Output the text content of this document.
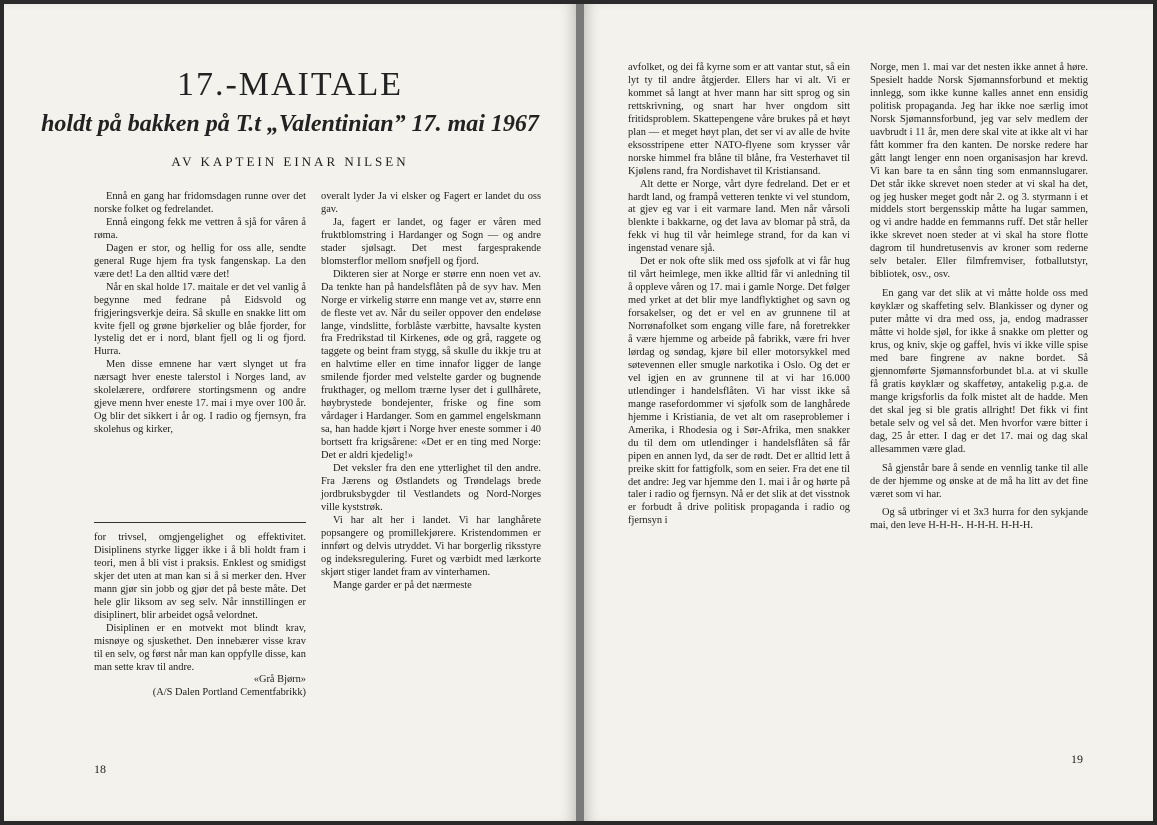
17.-MAITALE
holdt på bakken på T.t „Valentinian” 17. mai 1967
AV KAPTEIN EINAR NILSEN

Ennå en gang har fridomsdagen runne over det norske folket og fedrelandet.

Ennå eingong fekk me vettren å sjå for våren å røma.

Dagen er stor, og hellig for oss alle, sendte general Ruge hjem fra tysk fangenskap. La den være det! La den alltid være det!

Når en skal holde 17. maitale er det vel vanlig å begynne med fedrane på Eidsvold og frigjeringsverkje deira. Så skulle en snakke litt om kvite fjell og grøne bjørkelier og blåe fjorder, for lystelig det er i nord, blant fjell og li og fjord. Hurra.

Men disse emnene har vært slynget ut fra nærsagt hver eneste talerstol i Norges land, av skolelærere, ordførere stortingsmenn og andre gjeve menn hver eneste 17. mai i mye over 100 år. Og blir det sikkert i år og. I radio og fjernsyn, fra skolehus og kirker,

for trivsel, omgjengelighet og effektivitet. Disiplinens styrke ligger ikke i å bli holdt fram i teori, men å bli vist i praksis. Enklest og smidigst skjer det uten at man kan si å si merker den. Hver mann gjør sin jobb og gjør det på beste måte. Det hele glir liksom av seg selv. Når innstillingen er disiplinert, blir arbeidet også velordnet.

Disiplinen er en motvekt mot blindt krav, misnøye og sjuskethet. Den innebærer visse krav til en selv, og først når man kan oppfylle disse, kan man sette krav til andre.

«Grå Bjørn»

(A/S Dalen Portland Cementfabrikk)

overalt lyder Ja vi elsker og Fagert er landet du oss gav.

Ja, fagert er landet, og fager er våren med fruktblomstring i Hardanger og Sogn — og andre stader sjølsagt. Det mest fargesprakende blomsterflor mellom snøfjell og fjord.

Dikteren sier at Norge er større enn noen vet av. Da tenkte han på handelsflåten på de syv hav. Men Norge er virkelig større enn mange vet av, større enn de fleste vet av. Når du seiler oppover den endeløse lange, vindslitte, forblåste værbitte, havsalte kysten fra Fredrikstad til Kirkenes, øde og grå, raggete og taggete og beint fram stygg, så skulle du ikkje tru at en halvtime eller en time innafor ligger de lange smilende fjorder med velstelte garder og bugnende frukthager, og mellom trærne lyser det i gullhårete, høybrystede bondejenter, friske og fine som vårdager i Hardanger. Som en gammel engelskmann sa, han hadde kjørt i Norge hver eneste sommer i 40 bortsett fra krigsårene: «Det er en ting med Norge: Det er aldri kjedelig!»

Det veksler fra den ene ytterlighet til den andre. Fra Jærens og Østlandets og Trøndelags brede jordbruksbygder til Vestlandets og Nord-Norges ville kyststrøk.

Vi har alt her i landet. Vi har langhårete popsangere og promillekjørere. Kristendommen er innført og delvis utryddet. Vi har borgerlig riksstyre og indeksregulering. Furet og værbidt med lærkorte skjørt stiger landet fram av vinterhamen.

Mange garder er på det nærmeste

18

avfolket, og dei få kyrne som er att vantar stut, så ein lyt ty til andre åtgjerder. Ellers har vi alt. Vi er kommet så langt at hver mann har sitt sprog og sin rettskrivning, og snart har hver ongdom sitt fritidsproblem. Skattepengene våre brukes på et høyt plan — et meget høyt plan, det ser vi av alle de hvite eksosstripene etter NATO-flyene som krysser vår norske himmel fra blåne til blåne, fra Vesterhavet til Kjølens rand, fra Nordishavet til Kristiansand.

Alt dette er Norge, vårt dyre fedreland. Det er et hardt land, og frampå vetteren tenkte vi vel stundom, at gjev eg var i eit varmare land. Men når vårsoli blenkte i bakkarne, og det lava av blomar på strå, da fekk vi hug til vår heimlege strand, for da kan vi ingenstad venare sjå.

Det er nok ofte slik med oss sjøfolk at vi får hug til vårt heimlege, men ikke alltid får vi anledning til å oppleve våren og 17. mai i gamle Norge. Det følger med yrket at det blir mye landflyktighet og savn og forsakelser, og det er vel en av grunnene til at Norrønafolket som engang ville fare, nå foretrekker å være hjemme og arbeide på fabrikk, være fri hver lørdag og søndag, kjøre bil eller motorsykkel med søtevennen eller smugle narkotika i Oslo. Og det er vel igjen en av grunnene til at vi har 16.000 utlendinger i handelsflåten. Vi har visst ikke så mange rasefordommer vi sjøfolk som de langhårede hjemme i Kristiania, de vet alt om raseproblemer i Amerika, i Rhodesia og i Sør-Afrika, men snakker du til dem om utlendinger i handelsflåten så får pipen en annen lyd, da ser de rødt. Det er alltid lett å preike skitt for fattigfolk, som en seier. Fra det ene til det andre: Jeg var hjemme den 1. mai i år og hørte på taler i radio og fjernsyn. Nå er det slik at det visstnok er forbudt å drive politisk propaganda i radio og fjernsyn i

Norge, men 1. mai var det nesten ikke annet å høre. Spesielt hadde Norsk Sjømannsforbund et mektig innlegg, som ikke kunne kalles annet enn ensidig politisk propaganda. Jeg har ikke noe særlig imot Norsk Sjømannsforbund, jeg var selv medlem der uavbrudt i 11 år, men dere skal vite at ikke alt vi har fått kommer fra den kanten. De norske redere har gått langt lenger enn noen organisasjon har krevd. Vi kan bare ta en sånn ting som enmannslugarer. Det står ikke skrevet noen steder at vi skal ha det, og jeg husker meget godt når 2. og 3. styrmann i et middels stort bergensskip måtte ha lugar sammen, og vi andre hadde en femmanns ruff. Det står heller ikke skrevet noen steder at vi skal ha store flotte dagrom til hundretusenvis av kroner som rederne selv betaler. Eller filmfremviser, fotballutstyr, bibliotek, osv., osv.

En gang var det slik at vi måtte holde oss med køyklær og skaffeting selv. Blankisser og dyner og puter måtte vi dra med oss, ja, endog madrasser måtte vi holde sjøl, for ikke å snakke om pletter og krus, og kniv, skje og gaffel, hvis vi ikke ville spise med bare fingrene av nakne bordet. Så gjennomførte Sjømannsforbundet bl.a. at vi skulle få gratis køyklær og skaffetøy, antakelig p.g.a. de mange krigsforlis da folk mistet alt de hadde. Men det skal jeg si ble gratis allright! Det fikk vi fint betale selv og vel så det. Men hvorfor være bitter i dag, 25 år etter. I dag er det 17. mai og dag skal allesammen være glad.

Så gjenstår bare å sende en vennlig tanke til alle de der hjemme og ønske at de må ha litt av det fine været som vi har.

Og så utbringer vi et 3x3 hurra for den sykjande mai, den leve H-H-H-. H-H-H. H-H-H.

19
